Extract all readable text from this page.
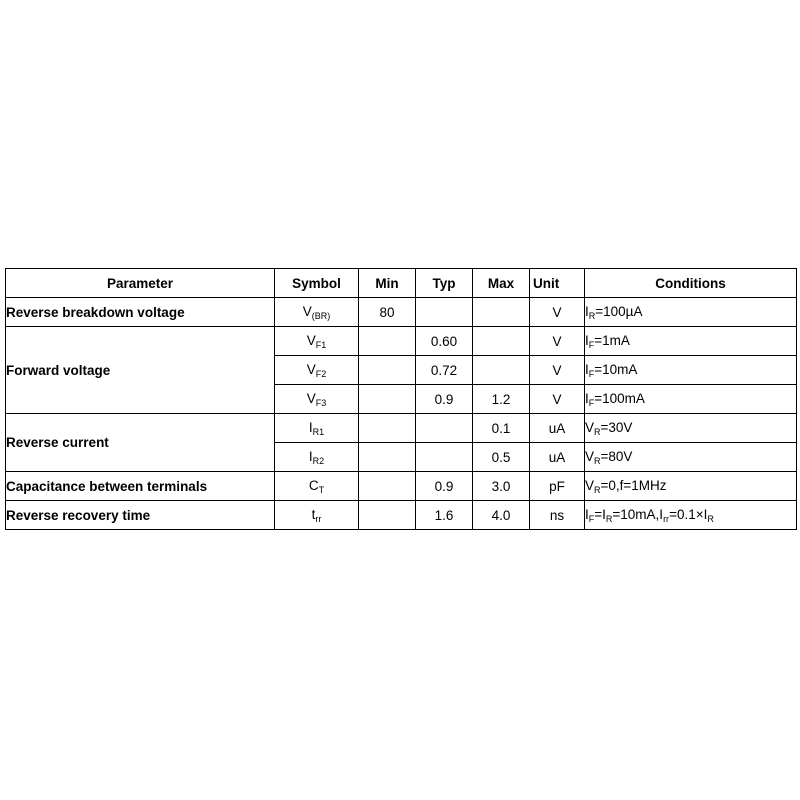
Parameter	Symbol	Min	Typ	Max	Unit	Conditions
Reverse breakdown voltage	$V_{(BR)}$	80			V	$I_R=100\mu A$
Forward voltage	$V_{F1}$		0.60		V	$I_F=1mA$
	$V_{F2}$		0.72		V	$I_F=10mA$
	$V_{F3}$		0.9	1.2	V	$I_F=100mA$
Reverse current	$I_{R1}$			0.1	uA	$V_R=30V$
	$I_{R2}$			0.5	uA	$V_R=80V$
Capacitance between terminals	$C_T$		0.9	3.0	pF	$V_R=0,f=1MHz$
Reverse recovery time	$t_{rr}$		1.6	4.0	ns	$I_F=I_R=10mA,I_{rr}=0.1\times I_R$
